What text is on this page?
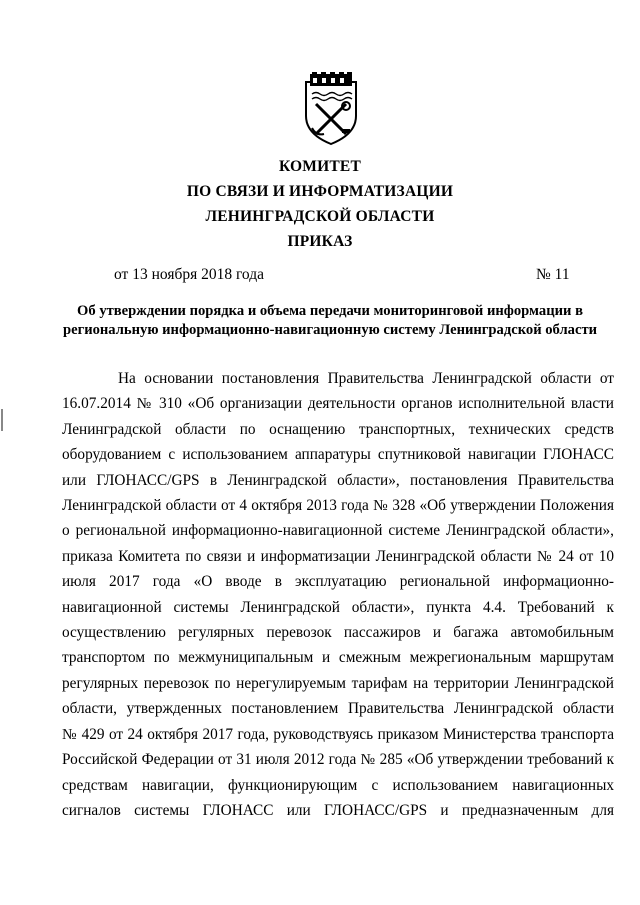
КОМИТЕТ
ПО СВЯЗИ И ИНФОРМАТИЗАЦИИ
ЛЕНИНГРАДСКОЙ ОБЛАСТИ
ПРИКАЗ
от 13 ноября 2018 года	№ 11
Об утверждении порядка и объема передачи мониторинговой информации в
региональную информационно-навигационную систему Ленинградской области
На основании постановления Правительства Ленинградской области от
16.07.2014 № 310 «Об организации деятельности органов исполнительной власти
Ленинградской области по оснащению транспортных, технических средств
оборудованием с использованием аппаратуры спутниковой навигации ГЛОНАСС
или ГЛОНАСС/GPS в Ленинградской области», постановления Правительства
Ленинградской области от 4 октября 2013 года № 328 «Об утверждении Положения
о региональной информационно-навигационной системе Ленинградской области»,
приказа Комитета по связи и информатизации Ленинградской области № 24 от 10
июля 2017 года «О вводе в эксплуатацию региональной информационно-
навигационной системы Ленинградской области», пункта 4.4. Требований к
осуществлению регулярных перевозок пассажиров и багажа автомобильным
транспортом по межмуниципальным и смежным межрегиональным маршрутам
регулярных перевозок по нерегулируемым тарифам на территории Ленинградской
области, утвержденных постановлением Правительства Ленинградской области
№ 429 от 24 октября 2017 года, руководствуясь приказом Министерства транспорта
Российской Федерации от 31 июля 2012 года № 285 «Об утверждении требований к
средствам навигации, функционирующим с использованием навигационных
сигналов системы ГЛОНАСС или ГЛОНАСС/GPS и предназначенным для
